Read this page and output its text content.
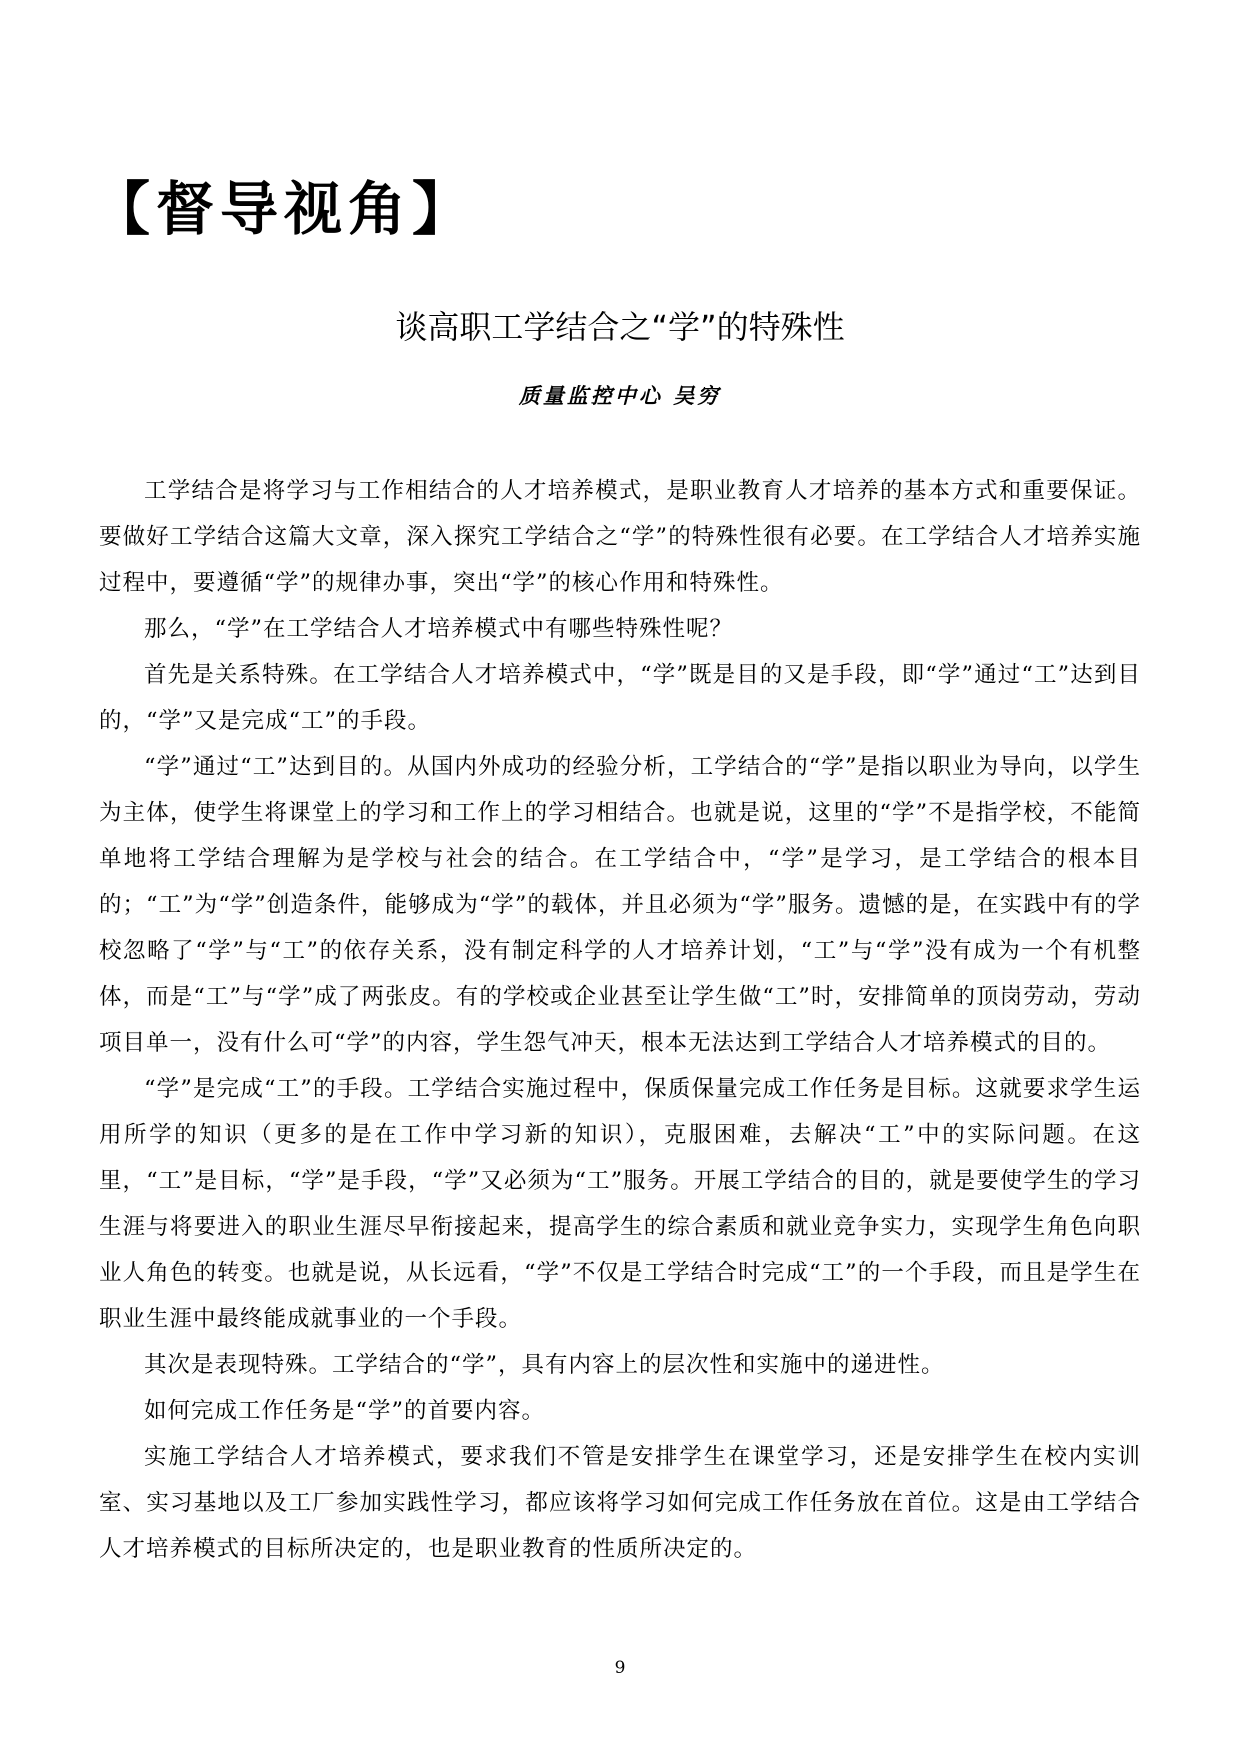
【督导视角】
谈高职工学结合之“学”的特殊性
质量监控中心 吴穷

工学结合是将学习与工作相结合的人才培养模式，是职业教育人才培养的基本方式和重要保证。要做好工学结合这篇大文章，深入探究工学结合之“学”的特殊性很有必要。在工学结合人才培养实施过程中，要遵循“学”的规律办事，突出“学”的核心作用和特殊性。

那么，“学”在工学结合人才培养模式中有哪些特殊性呢？

首先是关系特殊。在工学结合人才培养模式中，“学”既是目的又是手段，即“学”通过“工”达到目的，“学”又是完成“工”的手段。

“学”通过“工”达到目的。从国内外成功的经验分析，工学结合的“学”是指以职业为导向，以学生为主体，使学生将课堂上的学习和工作上的学习相结合。也就是说，这里的“学”不是指学校，不能简单地将工学结合理解为是学校与社会的结合。在工学结合中，“学”是学习，是工学结合的根本目的；“工”为“学”创造条件，能够成为“学”的载体，并且必须为“学”服务。遗憾的是，在实践中有的学校忽略了“学”与“工”的依存关系，没有制定科学的人才培养计划，“工”与“学”没有成为一个有机整体，而是“工”与“学”成了两张皮。有的学校或企业甚至让学生做“工”时，安排简单的顶岗劳动，劳动项目单一，没有什么可“学”的内容，学生怨气冲天，根本无法达到工学结合人才培养模式的目的。

“学”是完成“工”的手段。工学结合实施过程中，保质保量完成工作任务是目标。这就要求学生运用所学的知识（更多的是在工作中学习新的知识），克服困难，去解决“工”中的实际问题。在这里，“工”是目标，“学”是手段，“学”又必须为“工”服务。开展工学结合的目的，就是要使学生的学习生涯与将要进入的职业生涯尽早衔接起来，提高学生的综合素质和就业竞争实力，实现学生角色向职业人角色的转变。也就是说，从长远看，“学”不仅是工学结合时完成“工”的一个手段，而且是学生在职业生涯中最终能成就事业的一个手段。

其次是表现特殊。工学结合的“学”，具有内容上的层次性和实施中的递进性。

如何完成工作任务是“学”的首要内容。

实施工学结合人才培养模式，要求我们不管是安排学生在课堂学习，还是安排学生在校内实训室、实习基地以及工厂参加实践性学习，都应该将学习如何完成工作任务放在首位。这是由工学结合人才培养模式的目标所决定的，也是职业教育的性质所决定的。

9
